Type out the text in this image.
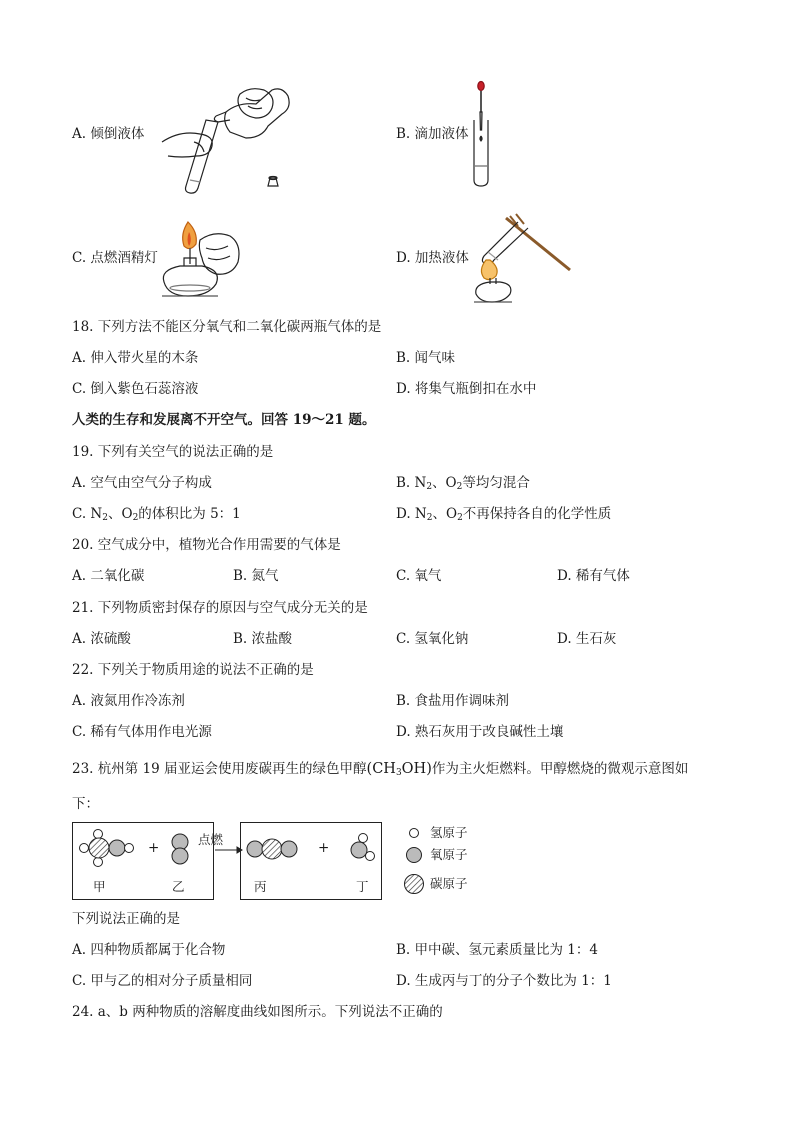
A. 倾倒液体	B. 滴加液体
C. 点燃酒精灯	D. 加热液体
18. 下列方法不能区分氧气和二氧化碳两瓶气体的是
A. 伸入带火星的木条	B. 闻气味
C. 倒入紫色石蕊溶液	D. 将集气瓶倒扣在水中
人类的生存和发展离不开空气。回答 19～21 题。
19. 下列有关空气的说法正确的是
A. 空气由空气分子构成	B. $N_2$、$O_2$等均匀混合
C. $N_2$、$O_2$的体积比为 5：1	D. $N_2$、$O_2$不再保持各自的化学性质
20. 空气成分中，植物光合作用需要的气体是
A. 二氧化碳	B. 氮气	C. 氧气	D. 稀有气体
21. 下列物质密封保存的原因与空气成分无关的是
A. 浓硫酸	B. 浓盐酸	C. 氢氧化钠	D. 生石灰
22. 下列关于物质用途的说法不正确的是
A. 液氮用作冷冻剂	B. 食盐用作调味剂
C. 稀有气体用作电光源	D. 熟石灰用于改良碱性土壤
23. 杭州第 19 届亚运会使用废碳再生的绿色甲醇$(CH_3OH)$作为主火炬燃料。甲醇燃烧的微观示意图如
下：
+	+
点燃
甲	乙	丙	丁
氢原子
氧原子
碳原子
下列说法正确的是
A. 四种物质都属于化合物	B. 甲中碳、氢元素质量比为 1：4
C. 甲与乙的相对分子质量相同	D. 生成丙与丁的分子个数比为 1：1
24. a、b 两种物质的溶解度曲线如图所示。下列说法不正确的
